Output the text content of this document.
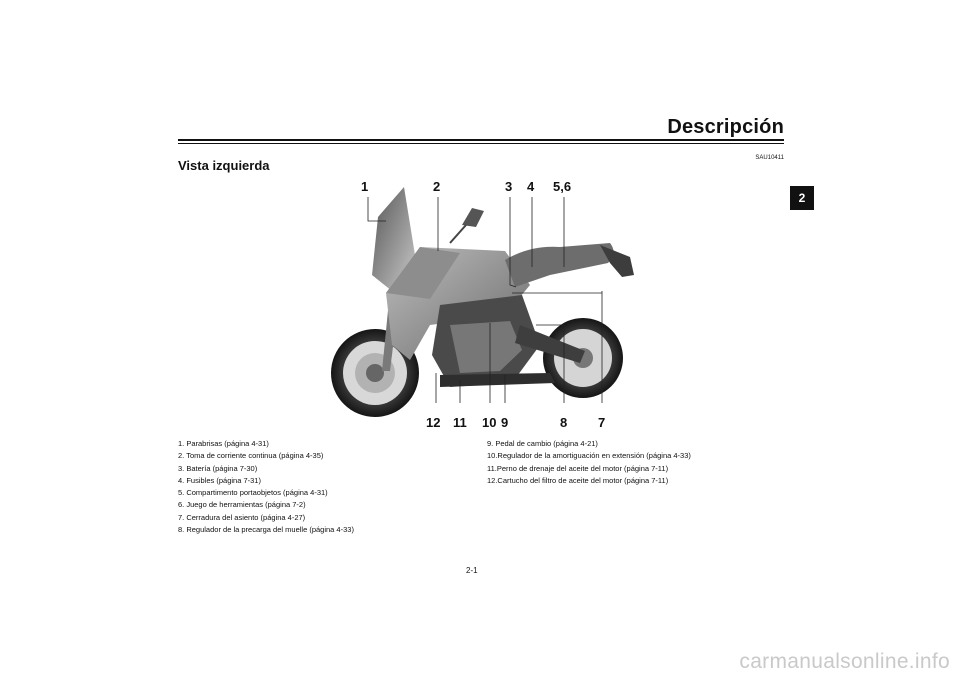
Descripción
Vista izquierda	SAU10411
2
1	2	3 4 5,6
12 11 10 9	8 7
1. Parabrisas (página 4-31)
2. Toma de corriente continua (página 4-35)
3. Batería (página 7-30)
4. Fusibles (página 7-31)
5. Compartimento portaobjetos (página 4-31)
6. Juego de herramientas (página 7-2)
7. Cerradura del asiento (página 4-27)
8. Regulador de la precarga del muelle (página 4-33)
9. Pedal de cambio (página 4-21)
10.Regulador de la amortiguación en extensión (página 4-33)
11.Perno de drenaje del aceite del motor (página 7-11)
12.Cartucho del filtro de aceite del motor (página 7-11)
2-1
carmanualsonline.info
